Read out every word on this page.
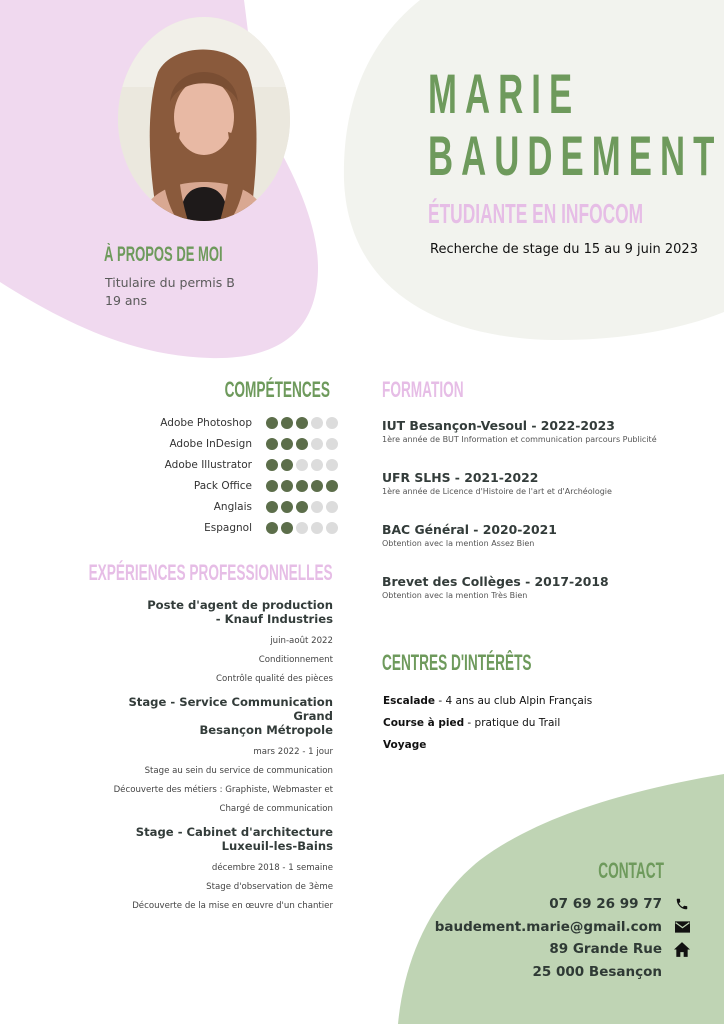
MARIE
BAUDEMENT
ÉTUDIANTE EN INFOCOM
Recherche de stage du 15 au 9 juin 2023
À PROPOS DE MOI
Titulaire du permis B
19 ans
COMPÉTENCES
Adobe Photoshop
Adobe InDesign
Adobe Illustrator
Pack Office
Anglais
Espagnol
EXPÉRIENCES PROFESSIONNELLES
Poste d'agent de production
- Knauf Industries
juin-août 2022
Conditionnement
Contrôle qualité des pièces
Stage - Service Communication Grand
Besançon Métropole
mars 2022 - 1 jour
Stage au sein du service de communication
Découverte des métiers : Graphiste, Webmaster et
Chargé de communication
Stage - Cabinet d'architecture
Luxeuil-les-Bains
décembre 2018 - 1 semaine
Stage d'observation de 3ème
Découverte de la mise en œuvre d'un chantier
FORMATION
IUT Besançon-Vesoul - 2022-2023
1ère année de BUT Information et communication parcours Publicité
UFR SLHS - 2021-2022
1ère année de Licence d'Histoire de l'art et d'Archéologie
BAC Général - 2020-2021
Obtention avec la mention Assez Bien
Brevet des Collèges - 2017-2018
Obtention avec la mention Très Bien
CENTRES D'INTÉRÊTS
Escalade - 4 ans au club Alpin Français
Course à pied - pratique du Trail
Voyage
CONTACT
07 69 26 99 77
baudement.marie@gmail.com
89 Grande Rue
25 000 Besançon
